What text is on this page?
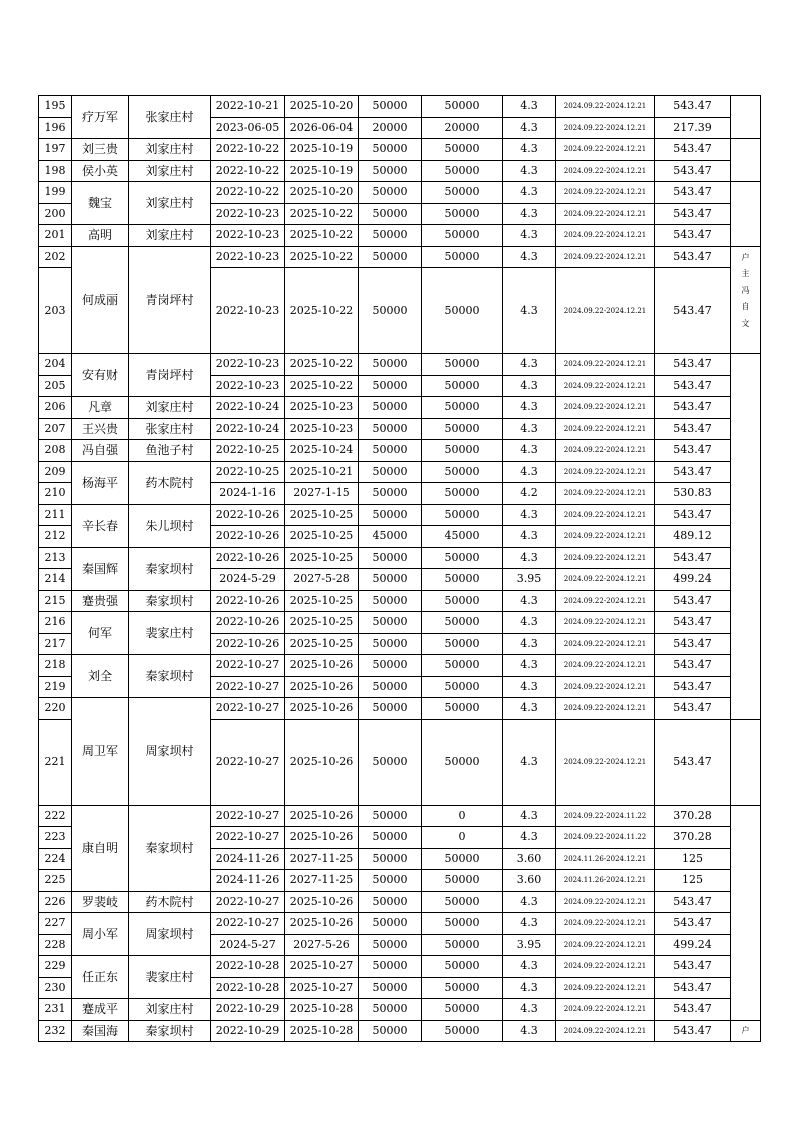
195	疗万军	张家庄村	2022-10-21	2025-10-20	50000	50000	4.3	2024.09.22-2024.12.21	543.47		
196			2023-06-05	2026-06-04	20000	20000	4.3	2024.09.22-2024.12.21	217.39		
197	刘三贵	刘家庄村	2022-10-22	2025-10-19	50000	50000	4.3	2024.09.22-2024.12.21	543.47		
198	侯小英	刘家庄村	2022-10-22	2025-10-19	50000	50000	4.3	2024.09.22-2024.12.21	543.47		
199	魏宝	刘家庄村	2022-10-22	2025-10-20	50000	50000	4.3	2024.09.22-2024.12.21	543.47		
200			2022-10-23	2025-10-22	50000	50000	4.3	2024.09.22-2024.12.21	543.47		
201	高明	刘家庄村	2022-10-23	2025-10-22	50000	50000	4.3	2024.09.22-2024.12.21	543.47		
202	何成丽	青岗坪村	2022-10-23	2025-10-22	50000	50000	4.3	2024.09.22-2024.12.21	543.47	户
主
冯
自
文	

203			2022-10-23	2025-10-22	50000	50000	4.3	2024.09.22-2024.12.21	543.47		
204	安有财	青岗坪村	2022-10-23	2025-10-22	50000	50000	4.3	2024.09.22-2024.12.21	543.47		
205			2022-10-23	2025-10-22	50000	50000	4.3	2024.09.22-2024.12.21	543.47		
206	凡章	刘家庄村	2022-10-24	2025-10-23	50000	50000	4.3	2024.09.22-2024.12.21	543.47		
207	王兴贵	张家庄村	2022-10-24	2025-10-23	50000	50000	4.3	2024.09.22-2024.12.21	543.47		
208	冯自强	鱼池子村	2022-10-25	2025-10-24	50000	50000	4.3	2024.09.22-2024.12.21	543.47		
209	杨海平	药木院村	2022-10-25	2025-10-21	50000	50000	4.3	2024.09.22-2024.12.21	543.47		
210			2024-1-16	2027-1-15	50000	50000	4.2	2024.09.22-2024.12.21	530.83		
211	辛长春	朱儿坝村	2022-10-26	2025-10-25	50000	50000	4.3	2024.09.22-2024.12.21	543.47		
212			2022-10-26	2025-10-25	45000	45000	4.3	2024.09.22-2024.12.21	489.12		
213	秦国辉	秦家坝村	2022-10-26	2025-10-25	50000	50000	4.3	2024.09.22-2024.12.21	543.47		
214			2024-5-29	2027-5-28	50000	50000	3.95	2024.09.22-2024.12.21	499.24		
215	蹇贵强	秦家坝村	2022-10-26	2025-10-25	50000	50000	4.3	2024.09.22-2024.12.21	543.47		
216	何军	裴家庄村	2022-10-26	2025-10-25	50000	50000	4.3	2024.09.22-2024.12.21	543.47		
217			2022-10-26	2025-10-25	50000	50000	4.3	2024.09.22-2024.12.21	543.47		
218	刘全	秦家坝村	2022-10-27	2025-10-26	50000	50000	4.3	2024.09.22-2024.12.21	543.47		
219			2022-10-27	2025-10-26	50000	50000	4.3	2024.09.22-2024.12.21	543.47		
220	周卫军	周家坝村	2022-10-27	2025-10-26	50000	50000	4.3	2024.09.22-2024.12.21	543.47	

221			2022-10-27	2025-10-26	50000	50000	4.3	2024.09.22-2024.12.21	543.47		
222	康自明	秦家坝村	2022-10-27	2025-10-26	50000	0	4.3	2024.09.22-2024.11.22	370.28		
223			2022-10-27	2025-10-26	50000	0	4.3	2024.09.22-2024.11.22	370.28		
224			2024-11-26	2027-11-25	50000	50000	3.60	2024.11.26-2024.12.21	125		
225			2024-11-26	2027-11-25	50000	50000	3.60	2024.11.26-2024.12.21	125		
226	罗裴岐	药木院村	2022-10-27	2025-10-26	50000	50000	4.3	2024.09.22-2024.12.21	543.47		
227	周小军	周家坝村	2022-10-27	2025-10-26	50000	50000	4.3	2024.09.22-2024.12.21	543.47		
228			2024-5-27	2027-5-26	50000	50000	3.95	2024.09.22-2024.12.21	499.24		
229	任正东	裴家庄村	2022-10-28	2025-10-27	50000	50000	4.3	2024.09.22-2024.12.21	543.47		
230			2022-10-28	2025-10-27	50000	50000	4.3	2024.09.22-2024.12.21	543.47		
231	蹇成平	刘家庄村	2022-10-29	2025-10-28	50000	50000	4.3	2024.09.22-2024.12.21	543.47		
232	秦国海	秦家坝村	2022-10-29	2025-10-28	50000	50000	4.3	2024.09.22-2024.12.21	543.47	户	
